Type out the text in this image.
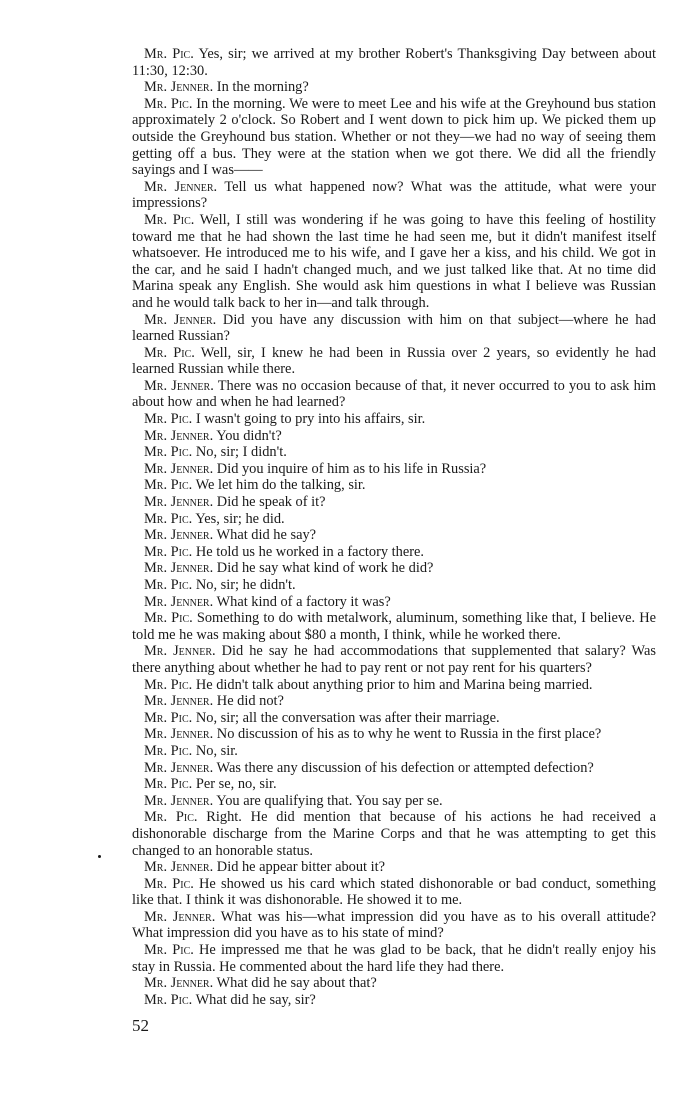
Mr. Pic. Yes, sir; we arrived at my brother Robert's Thanksgiving Day between about 11:30, 12:30.

Mr. Jenner. In the morning?

Mr. Pic. In the morning. We were to meet Lee and his wife at the Greyhound bus station approximately 2 o'clock. So Robert and I went down to pick him up. We picked them up outside the Greyhound bus station. Whether or not they—we had no way of seeing them getting off a bus. They were at the station when we got there. We did all the friendly sayings and I was——

Mr. Jenner. Tell us what happened now? What was the attitude, what were your impressions?

Mr. Pic. Well, I still was wondering if he was going to have this feeling of hostility toward me that he had shown the last time he had seen me, but it didn't manifest itself whatsoever. He introduced me to his wife, and I gave her a kiss, and his child. We got in the car, and he said I hadn't changed much, and we just talked like that. At no time did Marina speak any English. She would ask him questions in what I believe was Russian and he would talk back to her in—and talk through.

Mr. Jenner. Did you have any discussion with him on that subject—where he had learned Russian?

Mr. Pic. Well, sir, I knew he had been in Russia over 2 years, so evidently he had learned Russian while there.

Mr. Jenner. There was no occasion because of that, it never occurred to you to ask him about how and when he had learned?

Mr. Pic. I wasn't going to pry into his affairs, sir.

Mr. Jenner. You didn't?

Mr. Pic. No, sir; I didn't.

Mr. Jenner. Did you inquire of him as to his life in Russia?

Mr. Pic. We let him do the talking, sir.

Mr. Jenner. Did he speak of it?

Mr. Pic. Yes, sir; he did.

Mr. Jenner. What did he say?

Mr. Pic. He told us he worked in a factory there.

Mr. Jenner. Did he say what kind of work he did?

Mr. Pic. No, sir; he didn't.

Mr. Jenner. What kind of a factory it was?

Mr. Pic. Something to do with metalwork, aluminum, something like that, I believe. He told me he was making about $80 a month, I think, while he worked there.

Mr. Jenner. Did he say he had accommodations that supplemented that salary? Was there anything about whether he had to pay rent or not pay rent for his quarters?

Mr. Pic. He didn't talk about anything prior to him and Marina being married.

Mr. Jenner. He did not?

Mr. Pic. No, sir; all the conversation was after their marriage.

Mr. Jenner. No discussion of his as to why he went to Russia in the first place?

Mr. Pic. No, sir.

Mr. Jenner. Was there any discussion of his defection or attempted defection?

Mr. Pic. Per se, no, sir.

Mr. Jenner. You are qualifying that. You say per se.

Mr. Pic. Right. He did mention that because of his actions he had received a dishonorable discharge from the Marine Corps and that he was attempting to get this changed to an honorable status.

Mr. Jenner. Did he appear bitter about it?

Mr. Pic. He showed us his card which stated dishonorable or bad conduct, something like that. I think it was dishonorable. He showed it to me.

Mr. Jenner. What was his—what impression did you have as to his overall attitude? What impression did you have as to his state of mind?

Mr. Pic. He impressed me that he was glad to be back, that he didn't really enjoy his stay in Russia. He commented about the hard life they had there.

Mr. Jenner. What did he say about that?

Mr. Pic. What did he say, sir?

52
